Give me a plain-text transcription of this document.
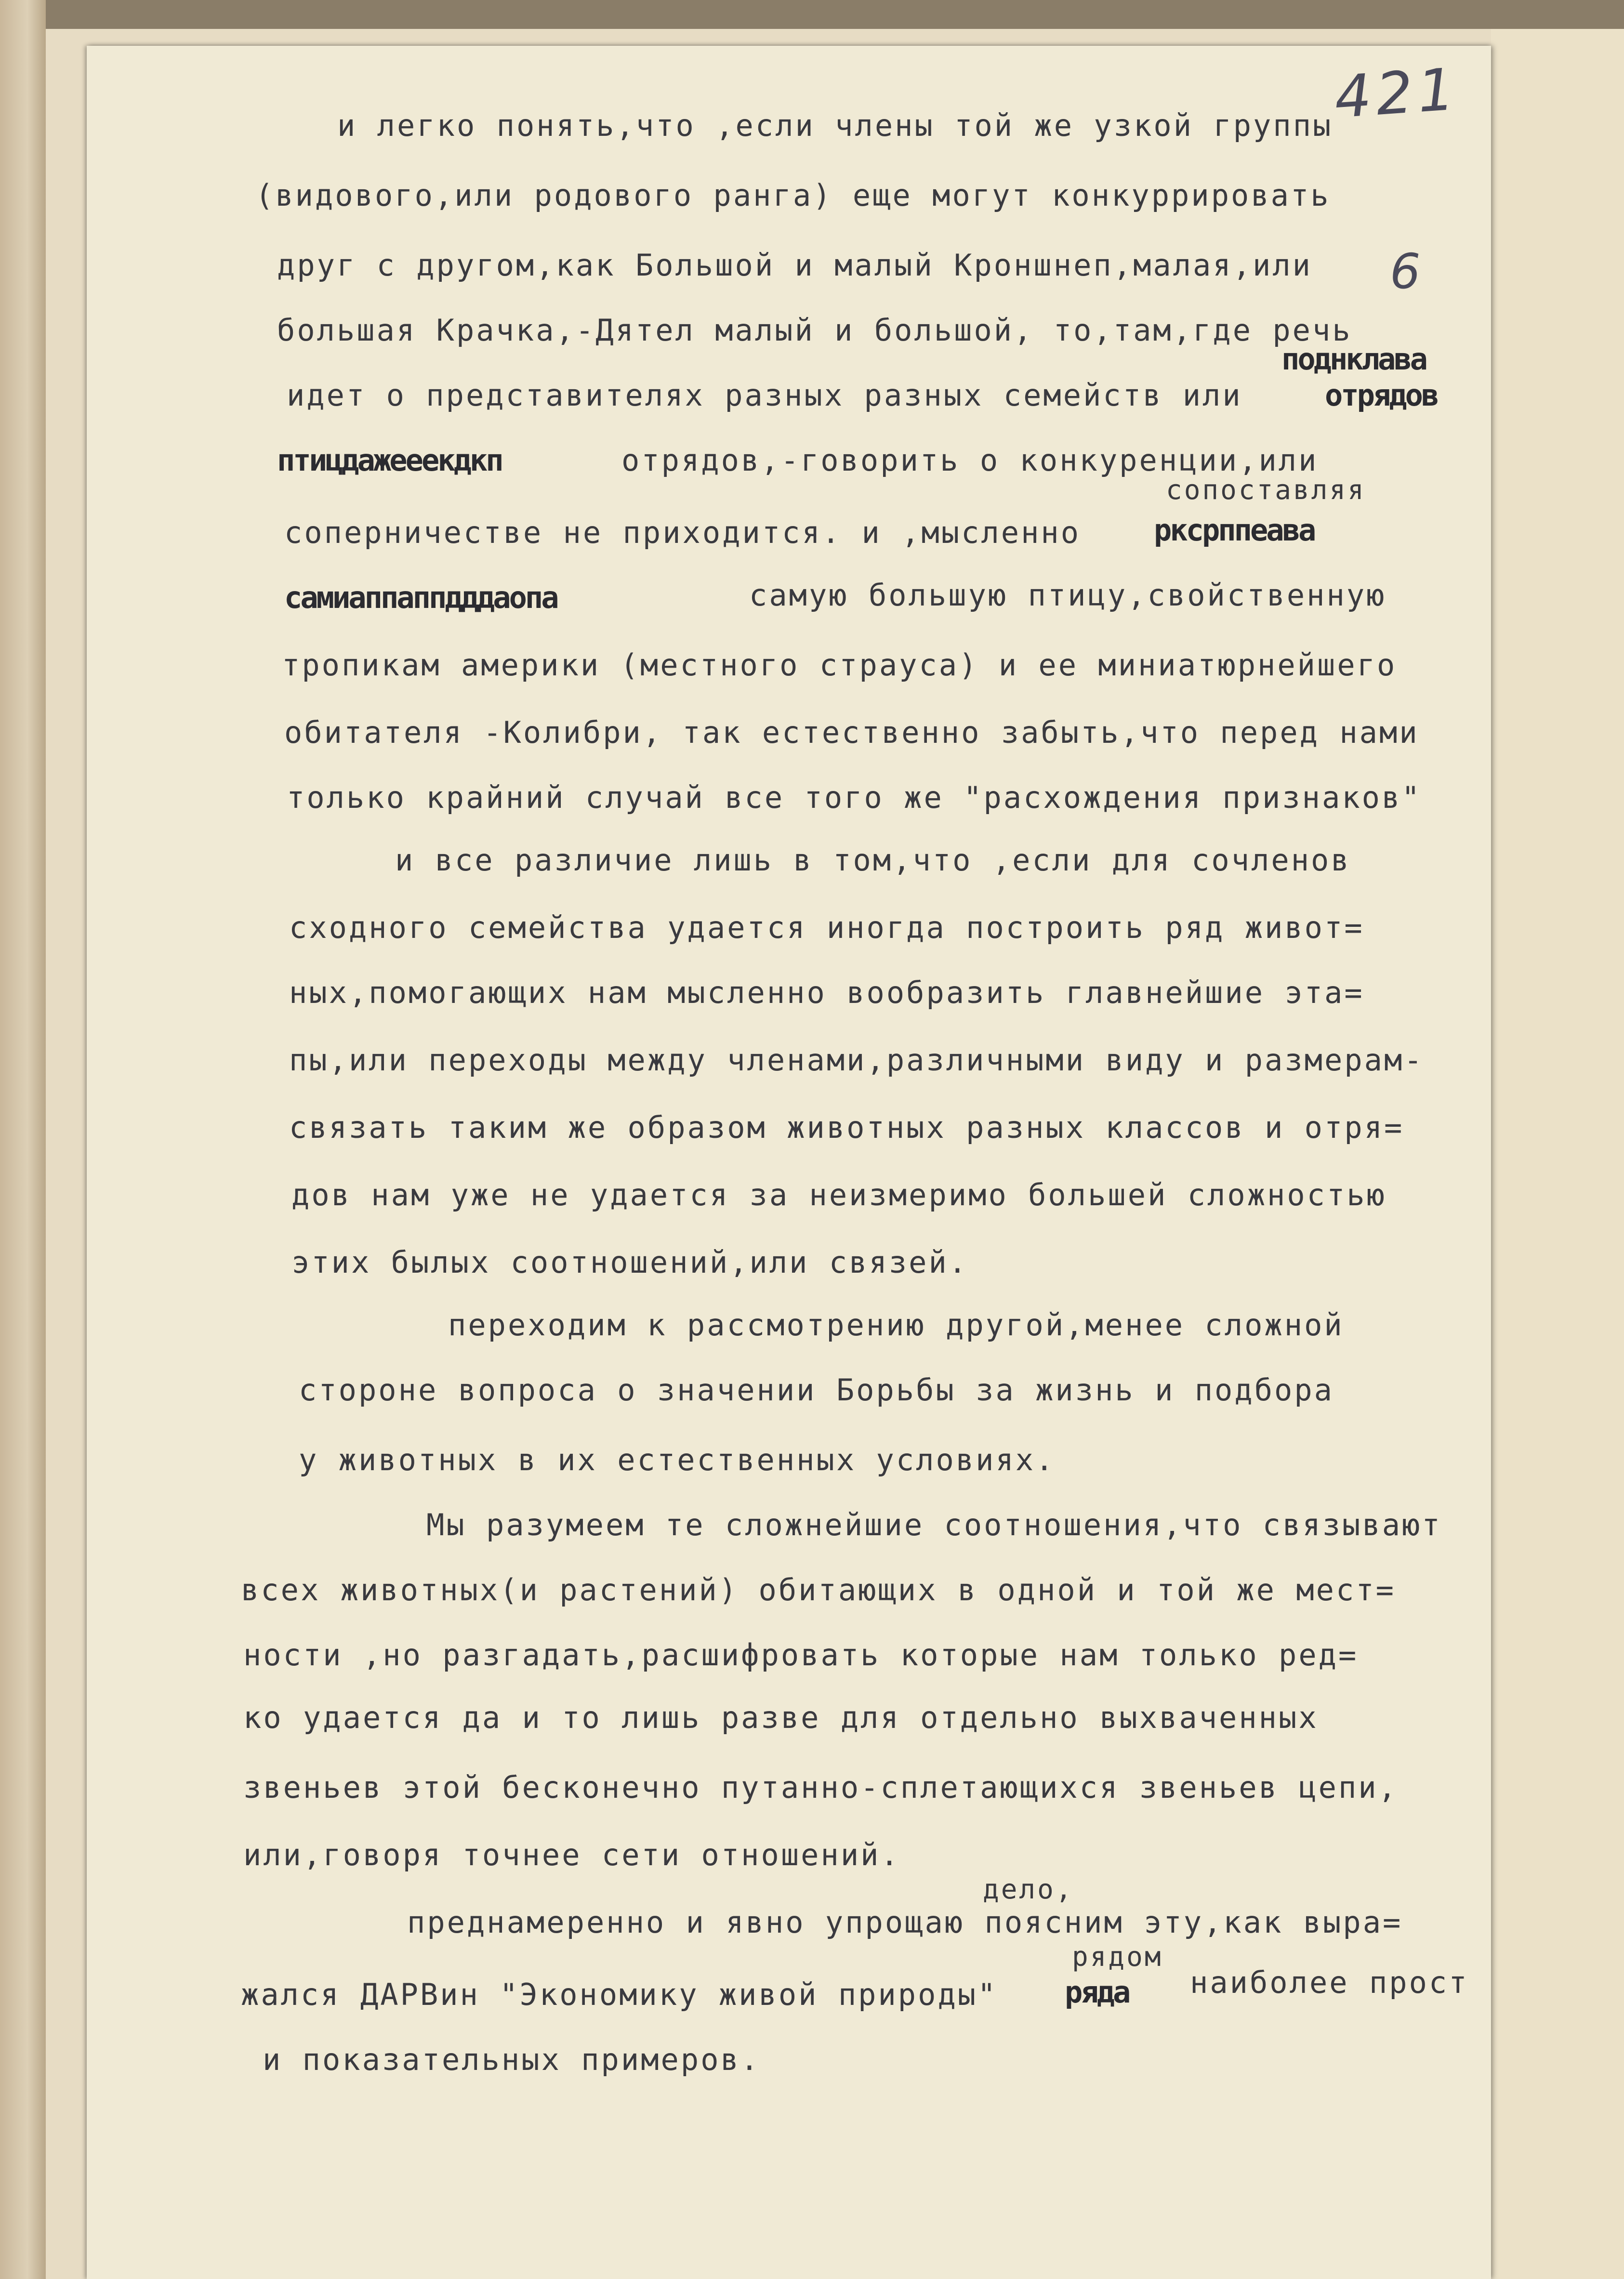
421
6
и легко понять,что ,если члены той же узкой группы
(видового,или родового ранга) еще могут конкуррировать
друг с другом,как Большой и малый Кроншнеп,малая,или
большая Крачка,-Дятел малый и большой, то,там,где речь
идет о представителях разных разных семейств или
отрядов,-говорить о конкуренции,или
соперничестве не приходится. и ,мысленно
самую большую птицу,свойственную
тропикам америки (местного страуса) и ее миниатюрнейшего
обитателя -Колибри, так естественно забыть,что перед нами
только крайний случай все того же "расхождения признаков"
и все различие лишь в том,что ,если для сочленов
сходного семейства удается иногда построить ряд живот=
ных,помогающих нам мысленно вообразить главнейшие эта=
пы,или переходы между членами,различными виду и размерам-
связать таким же образом животных разных классов и отря=
дов нам уже не удается за неизмеримо большей сложностью
этих былых соотношений,или связей.
переходим к рассмотрению другой,менее сложной
стороне вопроса о значении Борьбы за жизнь и подбора
у животных в их естественных условиях.
Мы разумеем те сложнейшие соотношения,что связывают
всех животных(и растений) обитающих в одной и той же мест=
ности ,но разгадать,расшифровать которые нам только ред=
ко удается да и то лишь разве для отдельно выхваченных
звеньев этой бесконечно путанно-сплетающихся звеньев цепи,
или,говоря точнее сети отношений.
преднамеренно и явно упрощаю поясним эту,как выра=
жался ДАРВин "Экономику живой природы"	наиболее прост
и показательных примеров.
сопоставляя
дело,
рядом
поднклава
отрядов
птицдажееекдкп
рксрппеава
самиаппаппдддаопа
ряда
